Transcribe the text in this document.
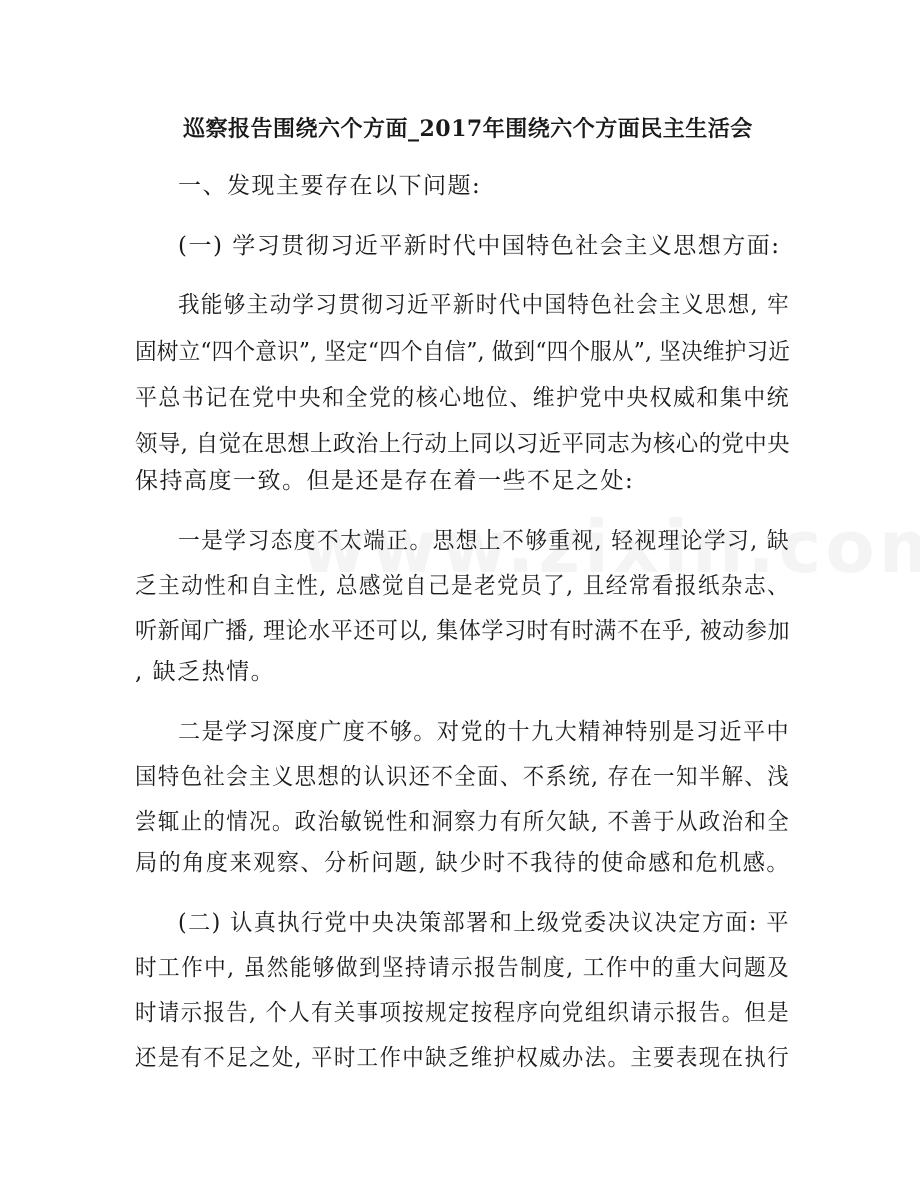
巡察报告围绕六个方面_2017年围绕六个方面民主生活会
一、发现主要存在以下问题:
(一) 学习贯彻习近平新时代中国特色社会主义思想方面:
我能够主动学习贯彻习近平新时代中国特色社会主义思想, 牢
固树立“四个意识”, 坚定“四个自信”, 做到“四个服从”, 坚决维护习近
平总书记在党中央和全党的核心地位、维护党中央权威和集中统
领导, 自觉在思想上政治上行动上同以习近平同志为核心的党中央
保持高度一致。但是还是存在着一些不足之处:
一是学习态度不太端正。思想上不够重视, 轻视理论学习, 缺
乏主动性和自主性, 总感觉自己是老党员了, 且经常看报纸杂志、
听新闻广播, 理论水平还可以, 集体学习时有时满不在乎, 被动参加
, 缺乏热情。
二是学习深度广度不够。对党的十九大精神特别是习近平中
国特色社会主义思想的认识还不全面、不系统, 存在一知半解、浅
尝辄止的情况。政治敏锐性和洞察力有所欠缺, 不善于从政治和全
局的角度来观察、分析问题, 缺少时不我待的使命感和危机感。
(二) 认真执行党中央决策部署和上级党委决议决定方面: 平
时工作中, 虽然能够做到坚持请示报告制度, 工作中的重大问题及
时请示报告, 个人有关事项按规定按程序向党组织请示报告。但是
还是有不足之处, 平时工作中缺乏维护权威办法。主要表现在执行
